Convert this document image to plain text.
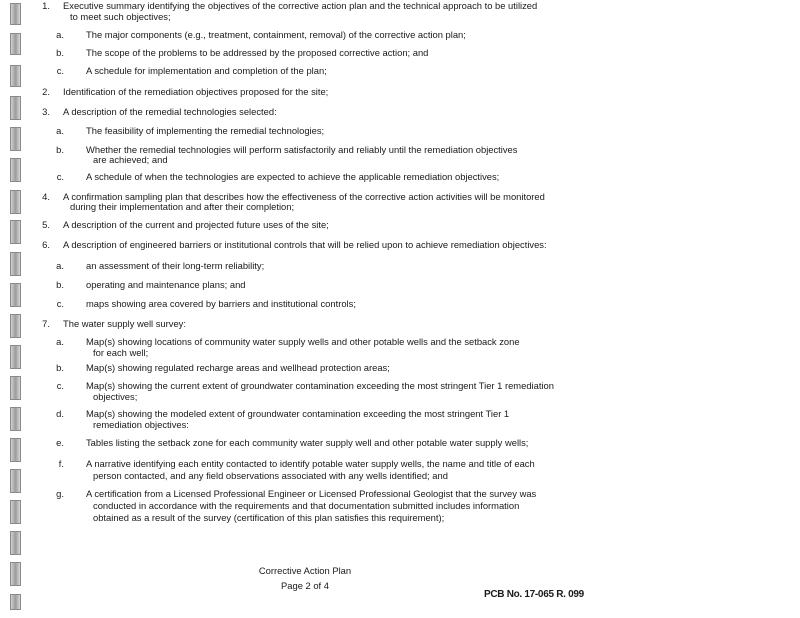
Corrective Action Plan
Page 2 of 4
PCB No. 17-065 R. 099
1. Executive summary identifying the objectives of the corrective action plan and the technical approach to be utilized
to meet such objectives;
a. The major components (e.g., treatment, containment, removal) of the corrective action plan;
b. The scope of the problems to be addressed by the proposed corrective action; and
c. A schedule for implementation and completion of the plan;
2. Identification of the remediation objectives proposed for the site;
3. A description of the remedial technologies selected:
a. The feasibility of implementing the remedial technologies;
b. Whether the remedial technologies will perform satisfactorily and reliably until the remediation objectives
are achieved; and
c. A schedule of when the technologies are expected to achieve the applicable remediation objectives;
4. A confirmation sampling plan that describes how the effectiveness of the corrective action activities will be monitored
during their implementation and after their completion;
5. A description of the current and projected future uses of the site;
6. A description of engineered barriers or institutional controls that will be relied upon to achieve remediation objectives:
a. an assessment of their long-term reliability;
b. operating and maintenance plans; and
c. maps showing area covered by barriers and institutional controls;
7. The water supply well survey:
a. Map(s) showing locations of community water supply wells and other potable wells and the setback zone
for each well;
b. Map(s) showing regulated recharge areas and wellhead protection areas;
c. Map(s) showing the current extent of groundwater contamination exceeding the most stringent Tier 1 remediation
objectives;
d. Map(s) showing the modeled extent of groundwater contamination exceeding the most stringent Tier 1
remediation objectives:
e. Tables listing the setback zone for each community water supply well and other potable water supply wells;
f. A narrative identifying each entity contacted to identify potable water supply wells, the name and title of each
person contacted, and any field observations associated with any wells identified; and
g. A certification from a Licensed Professional Engineer or Licensed Professional Geologist that the survey was
conducted in accordance with the requirements and that documentation submitted includes information
obtained as a result of the survey (certification of this plan satisfies this requirement);
